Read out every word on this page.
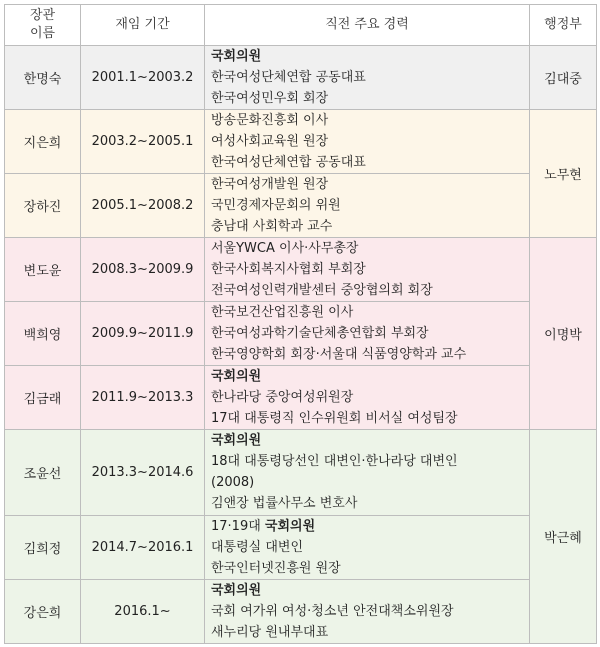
장관
이름	재임 기간	직전 주요 경력	행정부
한명숙	2001.1~2003.2	국회의원
한국여성단체연합 공동대표
한국여성민우회 회장	김대중
지은희	2003.2~2005.1	방송문화진흥회 이사
여성사회교육원 원장
한국여성단체연합 공동대표	노무현
장하진	2005.1~2008.2	한국여성개발원 원장
국민경제자문회의 위원
충남대 사회학과 교수	

변도윤	2008.3~2009.9	서울YWCA 이사·사무총장
한국사회복지사협회 부회장
전국여성인력개발센터 중앙협의회 회장	이명박
백희영	2009.9~2011.9	한국보건산업진흥원 이사
한국여성과학기술단체총연합회 부회장
한국영양학회 회장·서울대 식품영양학과 교수	

김금래	2011.9~2013.3	국회의원
한나라당 중앙여성위원장
17대 대통령직 인수위원회 비서실 여성팀장	

조윤선	2013.3~2014.6	국회의원
18대 대통령당선인 대변인·한나라당 대변인
(2008)
김앤장 법률사무소 변호사	박근혜
김희정	2014.7~2016.1	17·19대 국회의원
대통령실 대변인
한국인터넷진흥원 원장	

강은희	2016.1~	국회의원
국회 여가위 여성·청소년 안전대책소위원장
새누리당 원내부대표	
